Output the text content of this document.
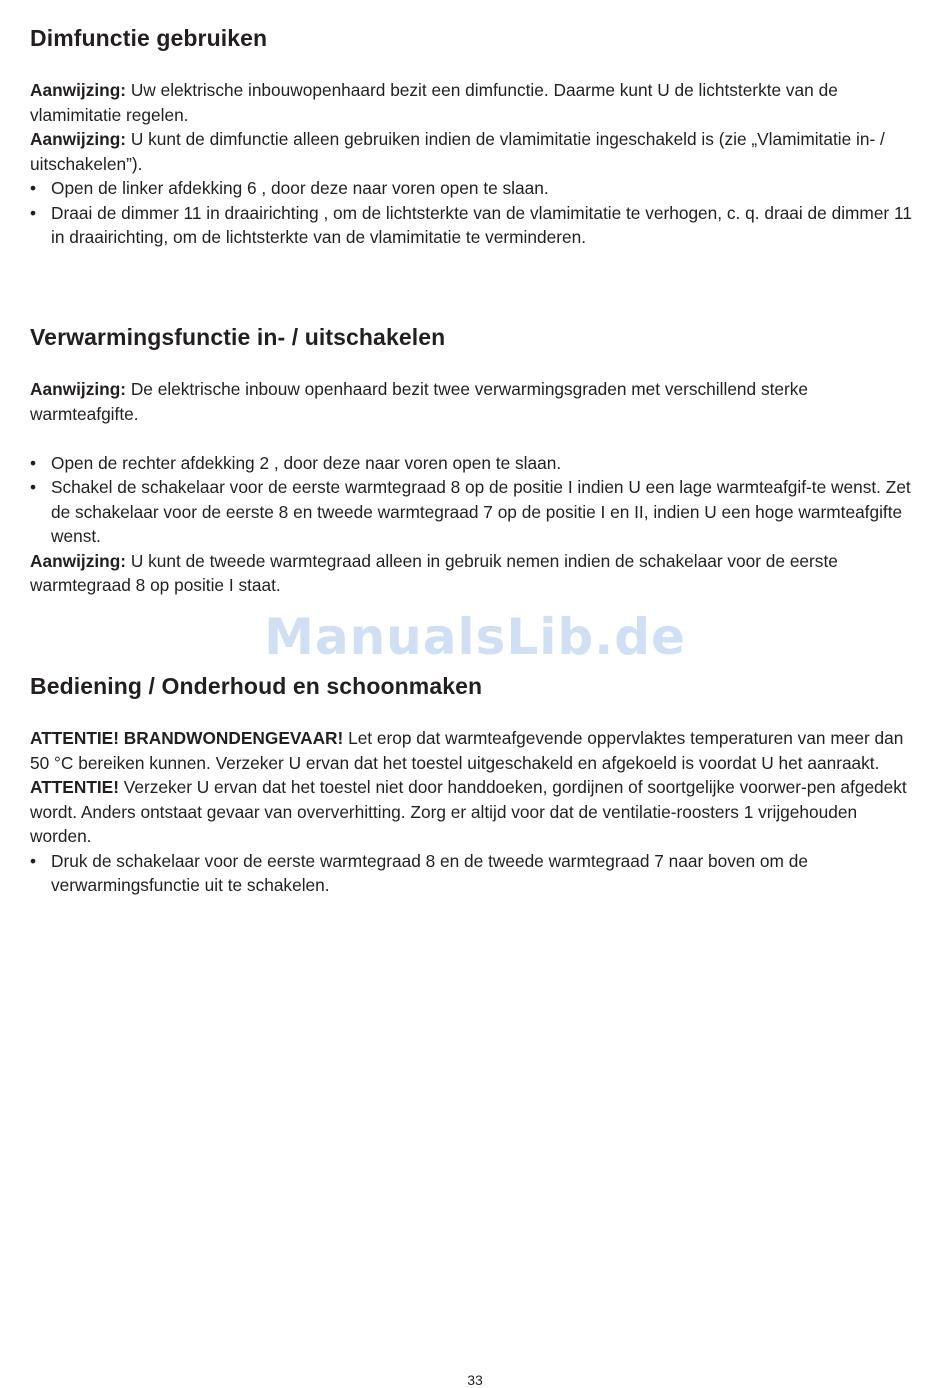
Dimfunctie gebruiken

Aanwijzing: Uw elektrische inbouwopenhaard bezit een dimfunctie. Daarme kunt U de lichtsterkte van de vlamimitatie regelen.

Aanwijzing: U kunt de dimfunctie alleen gebruiken indien de vlamimitatie ingeschakeld is (zie „Vlamimitatie in- / uitschakelen”).

• Open de linker afdekking 6 , door deze naar voren open te slaan.
• Draai de dimmer 11 in draairichting , om de lichtsterkte van de vlamimitatie te verhogen, c. q. draai de dimmer 11 in draairichting, om de lichtsterkte van de vlamimitatie te verminderen.
Verwarmingsfunctie in- / uitschakelen

Aanwijzing: De elektrische inbouw openhaard bezit twee verwarmingsgraden met verschillend sterke warmteafgifte.

• Open de rechter afdekking 2 , door deze naar voren open te slaan.
• Schakel de schakelaar voor de eerste warmtegraad 8 op de positie I indien U een lage warmteafgif-te wenst. Zet de schakelaar voor de eerste 8 en tweede warmtegraad 7 op de positie I en II, indien U een hoge warmteafgifte wenst.

Aanwijzing: U kunt de tweede warmtegraad alleen in gebruik nemen indien de schakelaar voor de eerste warmtegraad 8 op positie I staat.

Bediening / Onderhoud en schoonmaken

ATTENTIE! BRANDWONDENGEVAAR! Let erop dat warmteafgevende oppervlaktes temperaturen van meer dan 50 °C bereiken kunnen. Verzeker U ervan dat het toestel uitgeschakeld en afgekoeld is voordat U het aanraakt.

ATTENTIE! Verzeker U ervan dat het toestel niet door handdoeken, gordijnen of soortgelijke voorwer-pen afgedekt wordt. Anders ontstaat gevaar van oververhitting. Zorg er altijd voor dat de ventilatie-roosters 1 vrijgehouden worden.

• Druk de schakelaar voor de eerste warmtegraad 8 en de tweede warmtegraad 7 naar boven om de verwarmingsfunctie uit te schakelen.
ManualsLib.de
33
